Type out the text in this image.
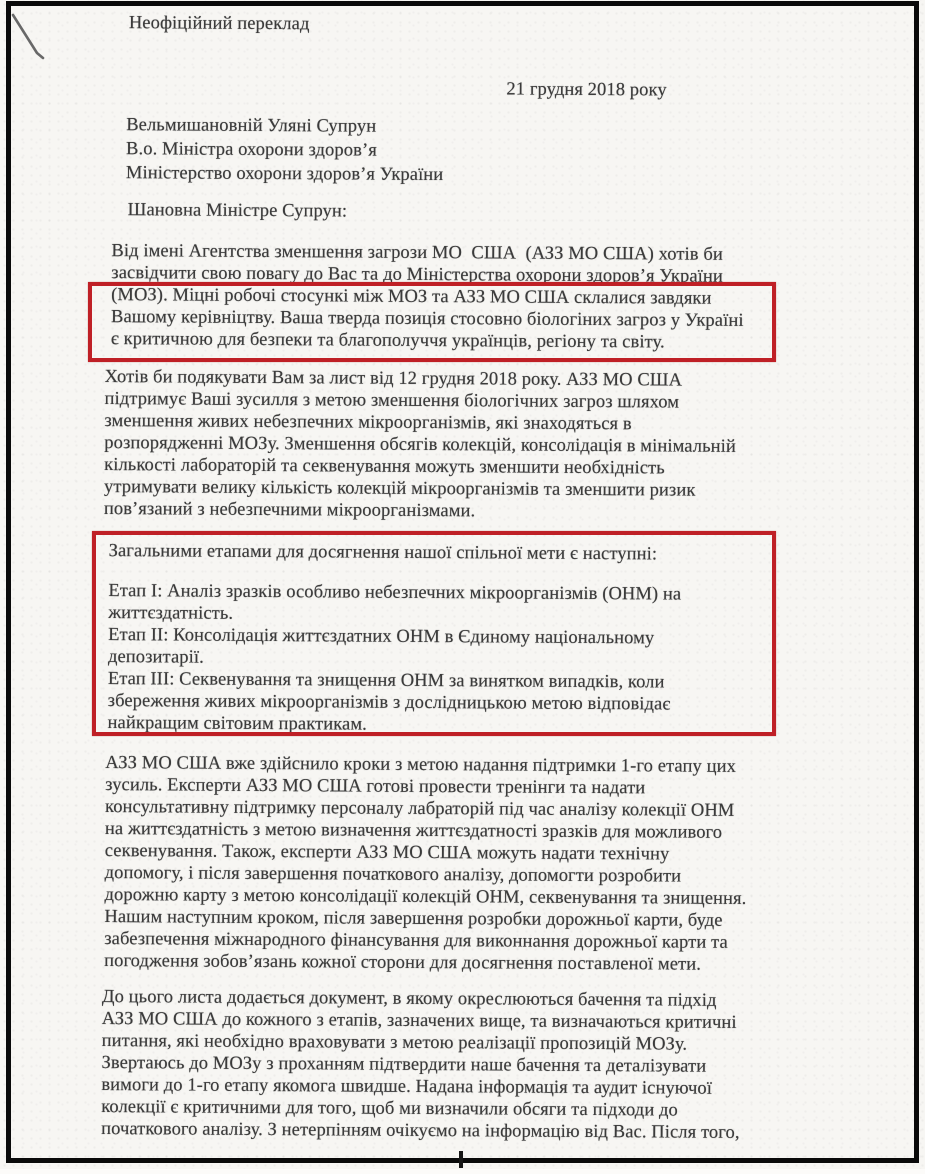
Неофіційний переклад
21 грудня 2018 року
Вельмишановній Уляні Супрун
В.о. Міністра охорони здоров’я
Міністерство охорони здоров’я України
Шановна Міністре Супрун:
Від імені Агентства зменшення загрози МО  США  (АЗЗ МО США) хотів би
засвідчити свою повагу до Вас та до Міністерства охорони здоров’я України
(МОЗ). Міцні робочі стосункі між МОЗ та АЗЗ МО США склалися завдяки
Вашому керівніцтву. Ваша тверда позиція стосовно біологіних загроз у Україні
є критичною для безпеки та благополуччя українців, регіону та світу.
Хотів би подякувати Вам за лист від 12 грудня 2018 року. АЗЗ МО США
підтримує Ваші зусилля з метою зменшення біологічних загроз шляхом
зменшення живих небезпечних мікроорганізмів, які знаходяться в
розпорядженні МОЗу. Зменшення обсягів колекцій, консолідація в мінімальній
кількості лабораторій та секвенування можуть зменшити необхідність
утримувати велику кількість колекцій мікроорганізмів та зменшити ризик
пов’язаний з небезпечними мікроорганізмами.
Загальними етапами для досягнення нашої спільної мети є наступні:
Етап I: Аналіз зразків особливо небезпечних мікроорганізмів (ОНМ) на
життєздатність.
Етап II: Консолідація життєздатних ОНМ в Єдиному національному
депозитарії.
Етап III: Секвенування та знищення ОНМ за винятком випадків, коли
збереження живих мікроорганізмів з дослідницькою метою відповідає
найкращим світовим практикам.
АЗЗ МО США вже здійснило кроки з метою надання підтримки 1-го етапу цих
зусиль. Експерти АЗЗ МО США готові провести тренінги та надати
консультативну підтримку персоналу лабраторій під час аналізу колекції ОНМ
на життєздатність з метою визначення життєздатності зразків для можливого
секвенування. Також, експерти АЗЗ МО США можуть надати технічну
допомогу, і після завершення початкового аналізу, допомогти розробити
дорожню карту з метою консолідації колекцій ОНМ, секвенування та знищення.
Нашим наступним кроком, після завершення розробки дорожньої карти, буде
забезпечення міжнародного фінансування для виконнання дорожньої карти та
погодження зобов’язань кожної сторони для досягнення поставленої мети.
До цього листа додається документ, в якому окреслюються бачення та підхід
АЗЗ МО США до кожного з етапів, зазначених вище, та визначаються критичні
питання, які необхідно враховувати з метою реалізації пропозицій МОЗу.
Звертаюсь до МОЗу з проханням підтвердити наше бачення та деталізувати
вимоги до 1-го етапу якомога швидше. Надана інформація та аудит існуючої
колекції є критичними для того, щоб ми визначили обсяги та підходи до
початкового аналізу. З нетерпінням очікуємо на інформацію від Вас. Після того,
